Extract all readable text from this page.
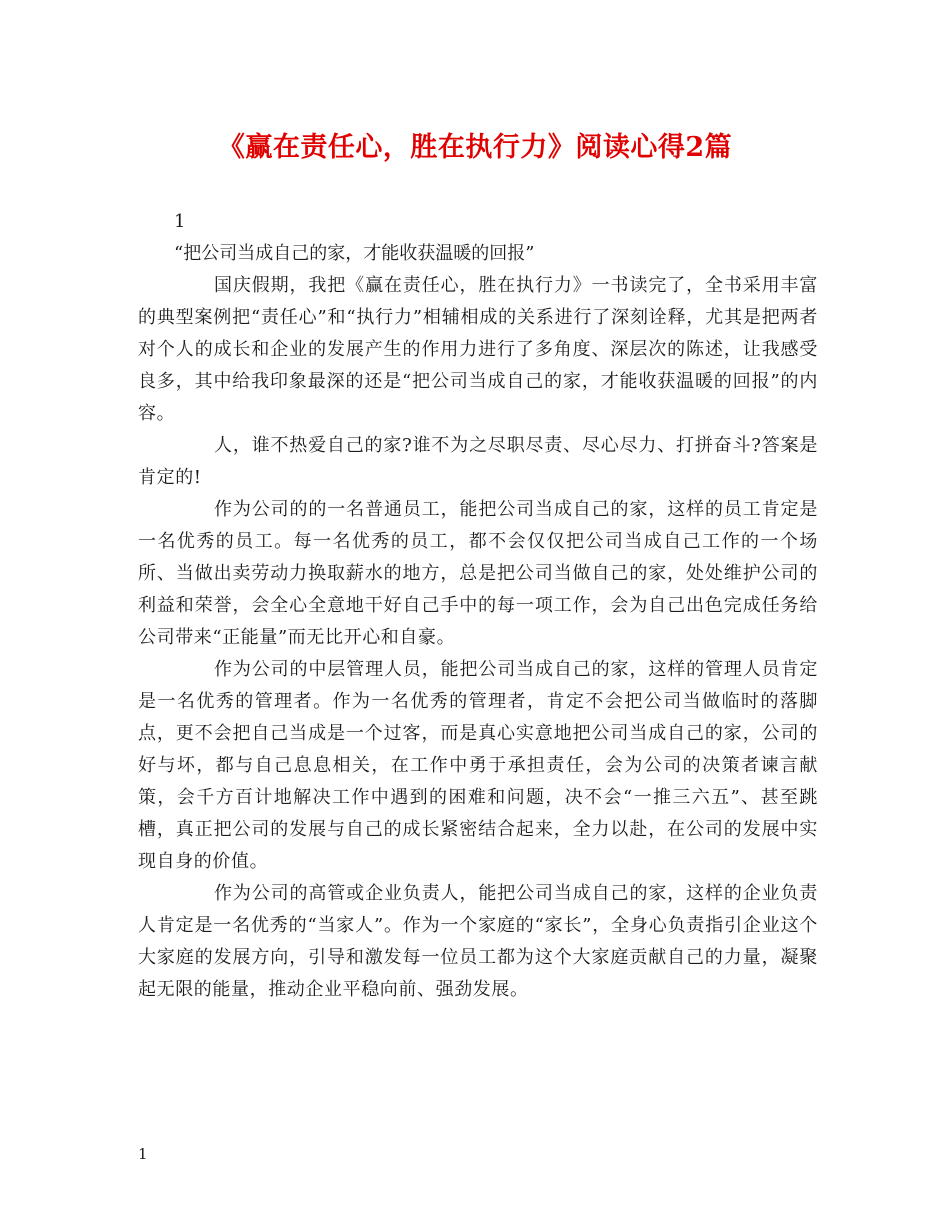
《赢在责任心，胜在执行力》阅读心得2篇

1

“把公司当成自己的家，才能收获温暖的回报”

国庆假期，我把《赢在责任心，胜在执行力》一书读完了，全书采用丰富的典型案例把“责任心”和“执行力”相辅相成的关系进行了深刻诠释，尤其是把两者对个人的成长和企业的发展产生的作用力进行了多角度、深层次的陈述，让我感受良多，其中给我印象最深的还是“把公司当成自己的家，才能收获温暖的回报”的内容。

人，谁不热爱自己的家?谁不为之尽职尽责、尽心尽力、打拼奋斗?答案是肯定的!

作为公司的的一名普通员工，能把公司当成自己的家，这样的员工肯定是一名优秀的员工。每一名优秀的员工，都不会仅仅把公司当成自己工作的一个场所、当做出卖劳动力换取薪水的地方，总是把公司当做自己的家，处处维护公司的利益和荣誉，会全心全意地干好自己手中的每一项工作，会为自己出色完成任务给公司带来“正能量”而无比开心和自豪。

作为公司的中层管理人员，能把公司当成自己的家，这样的管理人员肯定是一名优秀的管理者。作为一名优秀的管理者，肯定不会把公司当做临时的落脚点，更不会把自己当成是一个过客，而是真心实意地把公司当成自己的家，公司的好与坏，都与自己息息相关，在工作中勇于承担责任，会为公司的决策者谏言献策，会千方百计地解决工作中遇到的困难和问题，决不会“一推三六五”、甚至跳槽，真正把公司的发展与自己的成长紧密结合起来，全力以赴，在公司的发展中实现自身的价值。

作为公司的高管或企业负责人，能把公司当成自己的家，这样的企业负责人肯定是一名优秀的“当家人”。作为一个家庭的“家长”，全身心负责指引企业这个大家庭的发展方向，引导和激发每一位员工都为这个大家庭贡献自己的力量，凝聚起无限的能量，推动企业平稳向前、强劲发展。

1
